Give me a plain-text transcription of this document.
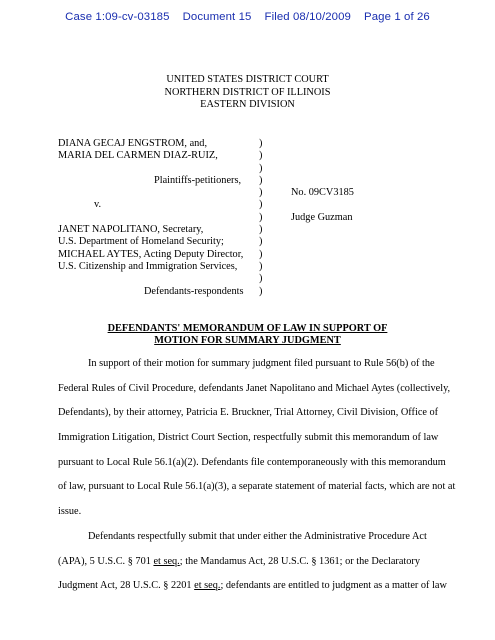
Case 1:09-cv-03185 Document 15 Filed 08/10/2009 Page 1 of 26
UNITED STATES DISTRICT COURT
NORTHERN DISTRICT OF ILLINOIS
EASTERN DIVISION
DIANA GECAJ ENGSTROM, and,
MARIA DEL CARMEN DIAZ-RUIZ,
Plaintiffs-petitioners,
v.
JANET NAPOLITANO, Secretary,
U.S. Department of Homeland Security;
MICHAEL AYTES, Acting Deputy Director,
U.S. Citizenship and Immigration Services,
Defendants-respondents
)
)
)
)
)
)
)
)
)
)
)
)
)
No. 09CV3185
Judge Guzman
DEFENDANTS' MEMORANDUM OF LAW IN SUPPORT OF
MOTION FOR SUMMARY JUDGMENT
In support of their motion for summary judgment filed pursuant to Rule 56(b) of the
Federal Rules of Civil Procedure, defendants Janet Napolitano and Michael Aytes (collectively,
Defendants), by their attorney, Patricia E. Bruckner, Trial Attorney, Civil Division, Office of
Immigration Litigation, District Court Section, respectfully submit this memorandum of law
pursuant to Local Rule 56.1(a)(2). Defendants file contemporaneously with this memorandum
of law, pursuant to Local Rule 56.1(a)(3), a separate statement of material facts, which are not at
issue.
Defendants respectfully submit that under either the Administrative Procedure Act
(APA), 5 U.S.C. § 701 et seq.; the Mandamus Act, 28 U.S.C. § 1361; or the Declaratory
Judgment Act, 28 U.S.C. § 2201 et seq.; defendants are entitled to judgment as a matter of law
